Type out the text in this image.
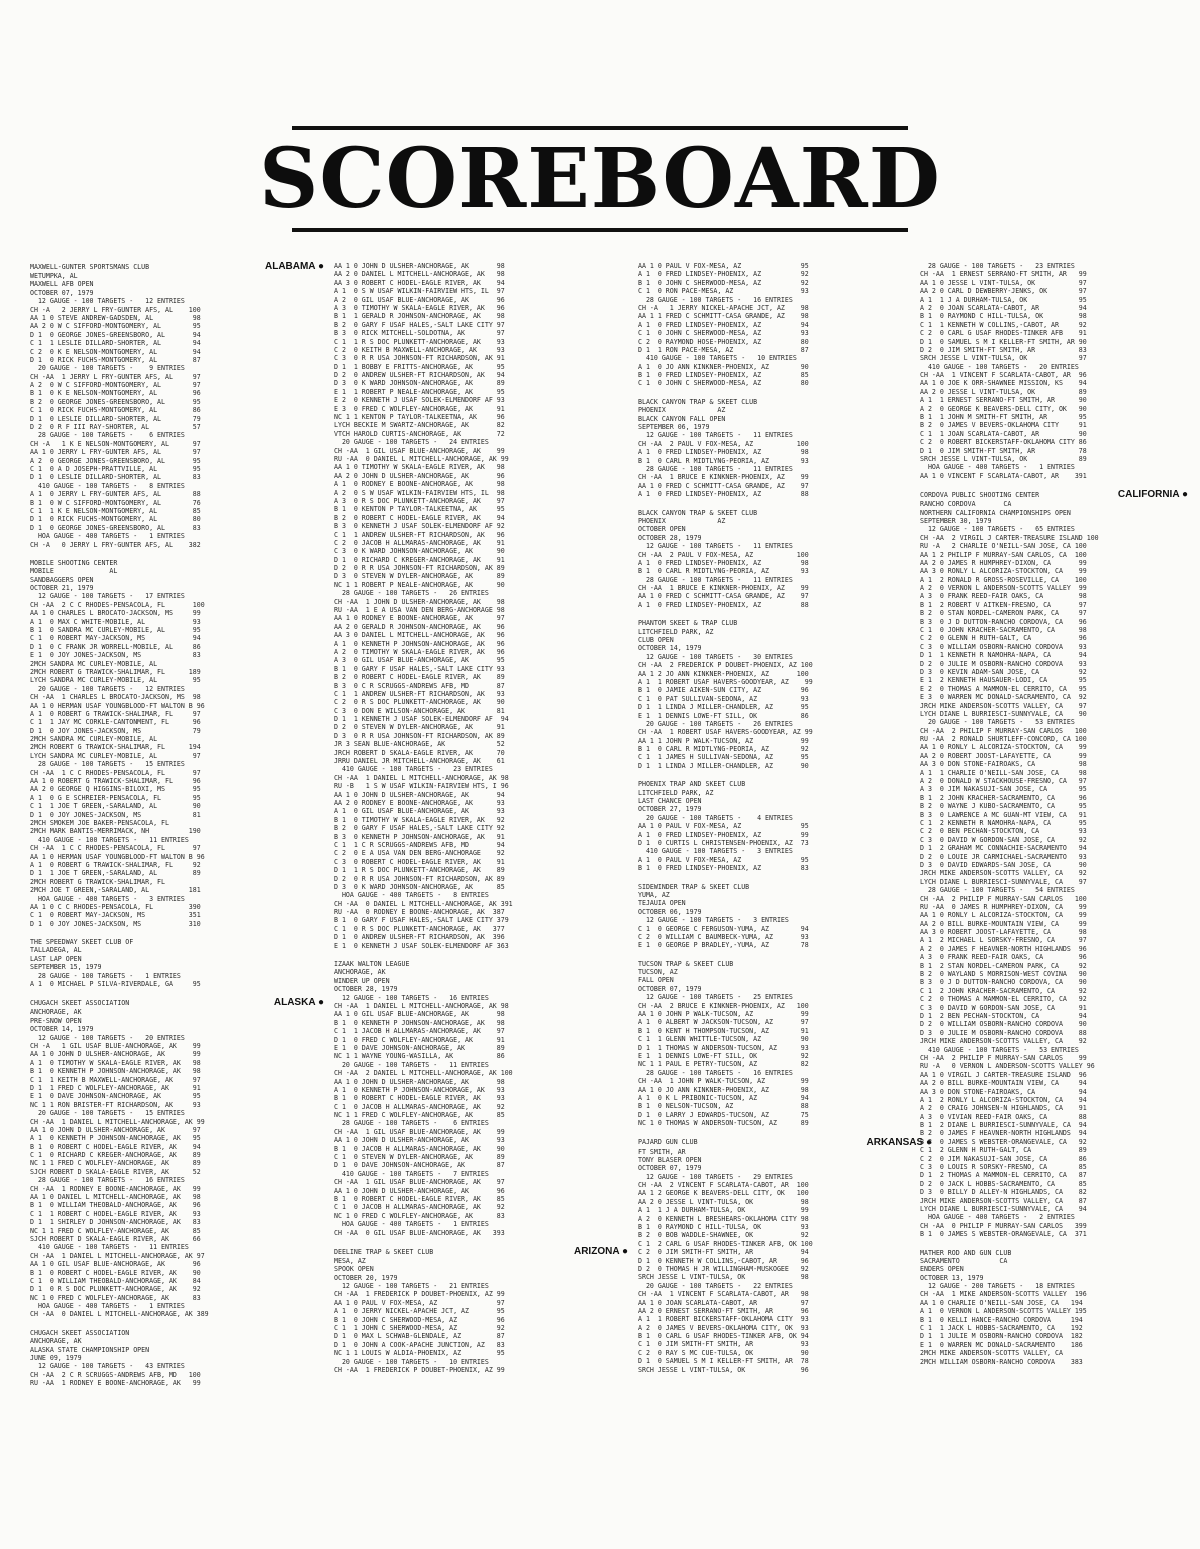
SCOREBOARD
MAXWELL-GUNTER SPORTSMANS CLUB	ALABAMA ●
WETUMPKA, AL
MAXWELL AFB OPEN
OCTOBER 07, 1979
12 GAUGE - 100 TARGETS -   12 ENTRIES
CH -A   2 JERRY L FRY-GUNTER AFS, AL    100
AA 1 0 STEVE ANDREW-GADSDEN, AL          98
AA 2 0 W C SIFFORD-MONTGOMERY, AL        95
D 1  0 GEORGE JONES-GREENSBORO, AL       94
C 1  1 LESLIE DILLARD-SHORTER, AL        94
C 2  0 K E NELSON-MONTGOMERY, AL         94
D 1  0 RICK FUCHS-MONTGOMERY, AL         87
20 GAUGE - 100 TARGETS -    9 ENTRIES
CH -AA  1 JERRY L FRY-GUNTER AFS, AL     97
A 2  0 W C SIFFORD-MONTGOMERY, AL        97
B 1  0 K E NELSON-MONTGOMERY, AL         96
B 2  0 GEORGE JONES-GREENSBORO, AL       95
C 1  0 RICK FUCHS-MONTGOMERY, AL         86
D 1  0 LESLIE DILLARD-SHORTER, AL        79
D 2  0 R F III RAY-SHORTER, AL           57
28 GAUGE - 100 TARGETS -    6 ENTRIES
CH -A   1 K E NELSON-MONTGOMERY, AL      97
AA 1 0 JERRY L FRY-GUNTER AFS, AL        97
A 2  0 GEORGE JONES-GREENSBORO, AL       95
C 1  0 A D JOSEPH-PRATTVILLE, AL         95
D 1  0 LESLIE DILLARD-SHORTER, AL        83
410 GAUGE - 100 TARGETS -   8 ENTRIES
A 1  0 JERRY L FRY-GUNTER AFS, AL        88
B 1  0 W C SIFFORD-MONTGOMERY, AL        76
C 1  1 K E NELSON-MONTGOMERY, AL         85
D 1  0 RICK FUCHS-MONTGOMERY, AL         80
D 1  0 GEORGE JONES-GREENSBORO, AL       83
HOA GAUGE - 400 TARGETS -   1 ENTRIES
CH -A   0 JERRY L FRY-GUNTER AFS, AL    382
MOBILE SHOOTING CENTER
MOBILE              AL
SANDBAGGERS OPEN
OCTOBER 21, 1979
12 GAUGE - 100 TARGETS -   17 ENTRIES
CH -AA  2 C C RHODES-PENSACOLA, FL       100
AA 1 0 CHARLES L BROCATO-JACKSON, MS     99
A 1  0 MAX C WHITE-MOBILE, AL            93
B 1  0 SANDRA MC CURLEY-MOBILE, AL       95
C 1  0 ROBERT MAY-JACKSON, MS            94
D 1  0 C FRANK JR WORRELL-MOBILE, AL     86
E 1  0 JOY JONES-JACKSON, MS             83
2MCH SANDRA MC CURLEY-MOBILE, AL
2MCH ROBERT G TRAWICK-SHALIMAR, FL      189
LYCH SANDRA MC CURLEY-MOBILE, AL         95
20 GAUGE - 100 TARGETS -   12 ENTRIES
CH -AA  1 CHARLES L BROCATO-JACKSON, MS  98
AA 1 0 HERMAN USAF YOUNGBLOOD-FT WALTON B 96
A 1  0 ROBERT G TRAWICK-SHALIMAR, FL     97
C 1  1 JAY MC CORKLE-CANTONMENT, FL      96
D 1  0 JOY JONES-JACKSON, MS             79
2MCH SANDRA MC CURLEY-MOBILE, AL
2MCH ROBERT G TRAWICK-SHALIMAR, FL      194
LYCH SANDRA MC CURLEY-MOBILE, AL         97
28 GAUGE - 100 TARGETS -   15 ENTRIES
CH -AA  1 C C RHODES-PENSACOLA, FL       97
AA 1 0 ROBERT G TRAWICK-SHALIMAR, FL     96
AA 2 0 GEORGE Q HIGGINS-BILOXI, MS       95
A 1  0 G E SCHREIER-PENSACOLA, FL        95
C 1  1 JOE T GREEN,-SARALAND, AL         90
D 1  0 JOY JONES-JACKSON, MS             81
2MCH SMOKEM JOE BAKER-PENSACOLA, FL
2MCH MARK BANTIS-MERRIMACK, NH          190
410 GAUGE - 100 TARGETS -   11 ENTRIES
CH -AA  1 C C RHODES-PENSACOLA, FL       97
AA 1 0 HERMAN USAF YOUNGBLOOD-FT WALTON B 96
A 1  0 ROBERT G TRAWICK-SHALIMAR, FL     92
D 1  1 JOE T GREEN,-SARALAND, AL         89
2MCH ROBERT G TRAWICK-SHALIMAR, FL
2MCH JOE T GREEN,-SARALAND, AL          181
HOA GAUGE - 400 TARGETS -   3 ENTRIES
AA 1 0 C C RHODES-PENSACOLA, FL         390
C 1  0 ROBERT MAY-JACKSON, MS           351
D 1  0 JOY JONES-JACKSON, MS            310
THE SPEEDWAY SKEET CLUB OF
TALLADEGA, AL
LAST LAP OPEN
SEPTEMBER 15, 1979
28 GAUGE - 100 TARGETS -   1 ENTRIES
A 1  0 MICHAEL P SILVA-RIVERDALE, GA     95
CHUGACH SKEET ASSOCIATION	ALASKA ●
ANCHORAGE, AK
PRE-SNOW OPEN
OCTOBER 14, 1979
12 GAUGE - 100 TARGETS -   20 ENTRIES
CH -A   1 GIL USAF BLUE-ANCHORAGE, AK    99
AA 1 0 JOHN D ULSHER-ANCHORAGE, AK       99
A 1  0 TIMOTHY W SKALA-EAGLE RIVER, AK   98
B 1  0 KENNETH P JOHNSON-ANCHORAGE, AK   98
C 1  1 KEITH B MAXWELL-ANCHORAGE, AK     97
D 1  1 FRED C WOLFLEY-ANCHORAGE, AK      91
E 1  0 DAVE JOHNSON-ANCHORAGE, AK        95
NC 1 1 RON BRISTER-FT RICHARDSON, AK     93
20 GAUGE - 100 TARGETS -   15 ENTRIES
CH -AA  1 DANIEL L MITCHELL-ANCHORAGE, AK 99
AA 1 0 JOHN D ULSHER-ANCHORAGE, AK       97
A 1  0 KENNETH P JOHNSON-ANCHORAGE, AK   95
B 1  0 ROBERT C HODEL-EAGLE RIVER, AK    94
C 1  0 RICHARD C KREGER-ANCHORAGE, AK    89
NC 1 1 FRED C WOLFLEY-ANCHORAGE, AK      89
SJCH ROBERT D SKALA-EAGLE RIVER, AK      52
28 GAUGE - 100 TARGETS -   16 ENTRIES
CH -AA  1 RODNEY E BOONE-ANCHORAGE, AK   99
AA 1 0 DANIEL L MITCHELL-ANCHORAGE, AK   98
B 1  0 WILLIAM THEOBALD-ANCHORAGE, AK    96
C 1  1 ROBERT C HODEL-EAGLE RIVER, AK    93
D 1  1 SHIRLEY D JOHNSON-ANCHORAGE, AK   83
NC 1 1 FRED C WOLFLEY-ANCHORAGE, AK      85
SJCH ROBERT D SKALA-EAGLE RIVER, AK      66
410 GAUGE - 100 TARGETS -   11 ENTRIES
CH -AA  1 DANIEL L MITCHELL-ANCHORAGE, AK 97
AA 1 0 GIL USAF BLUE-ANCHORAGE, AK       96
B 1  0 ROBERT C HODEL-EAGLE RIVER, AK    90
C 1  0 WILLIAM THEOBALD-ANCHORAGE, AK    84
D 1  0 R S DOC PLUNKETT-ANCHORAGE, AK    92
NC 1 0 FRED C WOLFLEY-ANCHORAGE, AK      83
HOA GAUGE - 400 TARGETS -   1 ENTRIES
CH -AA  0 DANIEL L MITCHELL-ANCHORAGE, AK 389
CHUGACH SKEET ASSOCIATION
ANCHORAGE, AK
ALASKA STATE CHAMPIONSHIP OPEN
JUNE 09, 1979
12 GAUGE - 100 TARGETS -   43 ENTRIES
CH -AA  2 C R SCRUGGS-ANDREWS AFB, MD   100
RU -AA  1 RODNEY E BOONE-ANCHORAGE, AK   99
AA 1 0 JOHN D ULSHER-ANCHORAGE, AK       98
AA 2 0 DANIEL L MITCHELL-ANCHORAGE, AK   98
AA 3 0 ROBERT C HODEL-EAGLE RIVER, AK    94
A 1  0 S W USAF WILKIN-FAIRVIEW HTS, IL  97
A 2  0 GIL USAF BLUE-ANCHORAGE, AK       96
A 3  0 TIMOTHY W SKALA-EAGLE RIVER, AK   96
B 1  1 GERALD R JOHNSON-ANCHORAGE, AK    98
B 2  0 GARY F USAF HALES,-SALT LAKE CITY 97
B 3  0 RICK MITCHELL-SOLDOTNA, AK        97
C 1  1 R S DOC PLUNKETT-ANCHORAGE, AK    93
C 2  0 KEITH B MAXWELL-ANCHORAGE, AK     93
C 3  0 R R USA JOHNSON-FT RICHARDSON, AK 91
D 1  1 BOBBY E FRITTS-ANCHORAGE, AK      95
D 2  0 ANDREW ULSHER-FT RICHARDSON, AK   94
D 3  0 K WARD JOHNSON-ANCHORAGE, AK      89
E 1  1 ROBERT P NEALE-ANCHORAGE, AK      95
E 2  0 KENNETH J USAF SOLEK-ELMENDORF AF 93
E 3  0 FRED C WOLFLEY-ANCHORAGE, AK      91
NC 1 1 KENTON P TAYLOR-TALKEETNA, AK     96
LYCH BECKIE M SWARTZ-ANCHORAGE, AK       82
VTCH HAROLD CURTIS-ANCHORAGE, AK         72
20 GAUGE - 100 TARGETS -   24 ENTRIES
CH -AA  1 GIL USAF BLUE-ANCHORAGE, AK    99
RU -AA  0 DANIEL L MITCHELL-ANCHORAGE, AK 99
AA 1 0 TIMOTHY W SKALA-EAGLE RIVER, AK   98
AA 2 0 JOHN D ULSHER-ANCHORAGE, AK       96
A 1  0 RODNEY E BOONE-ANCHORAGE, AK      98
A 2  0 S W USAF WILKIN-FAIRVIEW HTS, IL  98
A 3  0 R S DOC PLUNKETT-ANCHORAGE, AK    97
B 1  0 KENTON P TAYLOR-TALKEETNA, AK     95
B 2  0 ROBERT C HODEL-EAGLE RIVER, AK    94
B 3  0 KENNETH J USAF SOLEK-ELMENDORF AF 92
C 1  1 ANDREW ULSHER-FT RICHARDSON, AK   96
C 2  0 JACOB H ALLMARAS-ANCHORAGE, AK    91
C 3  0 K WARD JOHNSON-ANCHORAGE, AK      90
D 1  0 RICHARD C KREGER-ANCHORAGE, AK    91
D 2  0 R R USA JOHNSON-FT RICHARDSON, AK 89
D 3  0 STEVEN W DYLER-ANCHORAGE, AK      89
NC 1 1 ROBERT P NEALE-ANCHORAGE, AK      90
28 GAUGE - 100 TARGETS -   26 ENTRIES
CH -AA  1 JOHN D ULSHER-ANCHORAGE, AK    98
RU -AA  1 E A USA VAN DEN BERG-ANCHORAGE 98
AA 1 0 RODNEY E BOONE-ANCHORAGE, AK      97
AA 2 0 GERALD R JOHNSON-ANCHORAGE, AK    96
AA 3 0 DANIEL L MITCHELL-ANCHORAGE, AK   96
A 1  0 KENNETH P JOHNSON-ANCHORAGE, AK   96
A 2  0 TIMOTHY W SKALA-EAGLE RIVER, AK   96
A 3  0 GIL USAF BLUE-ANCHORAGE, AK       95
B 1  0 GARY F USAF HALES,-SALT LAKE CITY 93
B 2  0 ROBERT C HODEL-EAGLE RIVER, AK    89
B 3  0 C R SCRUGGS-ANDREWS AFB, MD       87
C 1  1 ANDREW ULSHER-FT RICHARDSON, AK   93
C 2  0 R S DOC PLUNKETT-ANCHORAGE, AK    90
C 3  0 DON E WILSON-ANCHORAGE, AK        81
D 1  1 KENNETH J USAF SOLEK-ELMENDORF AF  94
D 2  0 STEVEN W DYLER-ANCHORAGE, AK      91
D 3  0 R R USA JOHNSON-FT RICHARDSON, AK 89
JR 3 SEAN BLUE-ANCHORAGE, AK             52
JRCH ROBERT D SKALA-EAGLE RIVER, AK      70
JRRU DANIEL JR MITCHELL-ANCHORAGE, AK    61
410 GAUGE - 100 TARGETS -   23 ENTRIES
CH -AA  1 DANIEL L MITCHELL-ANCHORAGE, AK 98
RU -B   1 S W USAF WILKIN-FAIRVIEW HTS, I 96
AA 1 0 JOHN D ULSHER-ANCHORAGE, AK       94
AA 2 0 RODNEY E BOONE-ANCHORAGE, AK      93
A 1  0 GIL USAF BLUE-ANCHORAGE, AK       93
B 1  0 TIMOTHY W SKALA-EAGLE RIVER, AK   92
B 2  0 GARY F USAF HALES,-SALT LAKE CITY 92
B 3  0 KENNETH P JOHNSON-ANCHORAGE, AK   91
C 1  1 C R SCRUGGS-ANDREWS AFB, MD       94
C 2  0 E A USA VAN DEN BERG-ANCHORAGE    92
C 3  0 ROBERT C HODEL-EAGLE RIVER, AK    91
D 1  1 R S DOC PLUNKETT-ANCHORAGE, AK    89
D 2  0 R R USA JOHNSON-FT RICHARDSON, AK 89
D 3  0 K WARD JOHNSON-ANCHORAGE, AK      85
HOA GAUGE - 400 TARGETS -   8 ENTRIES
CH -AA  0 DANIEL L MITCHELL-ANCHORAGE, AK 391
RU -AA  0 RODNEY E BOONE-ANCHORAGE, AK  387
B 1  0 GARY F USAF HALES,-SALT LAKE CITY 379
C 1  0 R S DOC PLUNKETT-ANCHORAGE, AK   377
D 1  0 ANDREW ULSHER-FT RICHARDSON, AK  396
E 1  0 KENNETH J USAF SOLEK-ELMENDORF AF 363
IZAAK WALTON LEAGUE
ANCHORAGE, AK
WINDER UP OPEN
OCTOBER 28, 1979
12 GAUGE - 100 TARGETS -   16 ENTRIES
CH -AA  1 DANIEL L MITCHELL-ANCHORAGE, AK 98
AA 1 0 GIL USAF BLUE-ANCHORAGE, AK       98
B 1  0 KENNETH P JOHNSON-ANCHORAGE, AK   98
C 1  1 JACOB H ALLMARAS-ANCHORAGE, AK    97
D 1  0 FRED C WOLFLEY-ANCHORAGE, AK      91
E 1  0 DAVE JOHNSON-ANCHORAGE, AK        89
NC 1 1 WAYNE YOUNG-WASILLA, AK           86
20 GAUGE - 100 TARGETS -   11 ENTRIES
CH -AA  2 DANIEL L MITCHELL-ANCHORAGE, AK 100
AA 1 0 JOHN D ULSHER-ANCHORAGE, AK       98
A 1  0 KENNETH P JOHNSON-ANCHORAGE, AK   93
B 1  0 ROBERT C HODEL-EAGLE RIVER, AK    93
C 1  0 JACOB H ALLMARAS-ANCHORAGE, AK    92
NC 1 1 FRED C WOLFLEY-ANCHORAGE, AK      85
28 GAUGE - 100 TARGETS -    6 ENTRIES
CH -AA  1 GIL USAF BLUE-ANCHORAGE, AK    99
AA 1 0 JOHN D ULSHER-ANCHORAGE, AK       93
B 1  0 JACOB H ALLMARAS-ANCHORAGE, AK    90
C 1  0 STEVEN W DYLER-ANCHORAGE, AK      89
D 1  0 DAVE JOHNSON-ANCHORAGE, AK        87
410 GAUGE - 100 TARGETS -   7 ENTRIES
CH -AA  1 GIL USAF BLUE-ANCHORAGE, AK    97
AA 1 0 JOHN D ULSHER-ANCHORAGE, AK       96
B 1  0 ROBERT C HODEL-EAGLE RIVER, AK    85
C 1  0 JACOB H ALLMARAS-ANCHORAGE, AK    92
NC 1 0 FRED C WOLFLEY-ANCHORAGE, AK      83
HOA GAUGE - 400 TARGETS -   1 ENTRIES
CH -AA  0 GIL USAF BLUE-ANCHORAGE, AK   393
DEELINE TRAP & SKEET CLUB	ARIZONA ●
MESA, AZ
SPOOK OPEN
OCTOBER 20, 1979
12 GAUGE - 100 TARGETS -   21 ENTRIES
CH -AA  1 FREDERICK P DOUBET-PHOENIX, AZ 99
AA 1 0 PAUL V FOX-MESA, AZ               97
A 1  0 JERRY NICKEL-APACHE JCT, AZ       95
B 1  0 JOHN C SHERWOOD-MESA, AZ          96
C 1  1 JOHN C SHERWOOD-MESA, AZ          92
D 1  0 MAX L SCHWAB-GLENDALE, AZ         87
D 1  0 JOHN A COOK-APACHE JUNCTION, AZ   83
NC 1 1 LOUIS W ALDIA-PHOENIX, AZ         95
20 GAUGE - 100 TARGETS -   10 ENTRIES
CH -AA  1 FREDERICK P DOUBET-PHOENIX, AZ 99
AA 1 0 PAUL V FOX-MESA, AZ               95
A 1  0 FRED LINDSEY-PHOENIX, AZ          92
B 1  0 JOHN C SHERWOOD-MESA, AZ          92
C 1  0 RON PACE-MESA, AZ                 93
28 GAUGE - 100 TARGETS -   16 ENTRIES
CH -A   1 JERRY NICKEL-APACHE JCT, AZ    98
AA 1 1 FRED C SCHMITT-CASA GRANDE, AZ    98
A 1  0 FRED LINDSEY-PHOENIX, AZ          94
C 1  0 JOHN C SHERWOOD-MESA, AZ          93
C 2  0 RAYMOND HOSE-PHOENIX, AZ          80
D 1  1 RON PACE-MESA, AZ                 87
410 GAUGE - 100 TARGETS -   10 ENTRIES
A 1  0 JO ANN KINKNER-PHOENIX, AZ        90
B 1  0 FRED LINDSEY-PHOENIX, AZ          85
C 1  0 JOHN C SHERWOOD-MESA, AZ          80
BLACK CANYON TRAP & SKEET CLUB
PHOENIX             AZ
BLACK CANYON FALL OPEN
SEPTEMBER 06, 1979
12 GAUGE - 100 TARGETS -   11 ENTRIES
CH -AA  2 PAUL V FOX-MESA, AZ           100
A 1  0 FRED LINDSEY-PHOENIX, AZ          98
B 1  0 CARL R MIDTLYNG-PEORIA, AZ        93
28 GAUGE - 100 TARGETS -   11 ENTRIES
CH -AA  1 BRUCE E KINKNER-PHOENIX, AZ    99
AA 1 0 FRED C SCHMITT-CASA GRANDE, AZ    97
A 1  0 FRED LINDSEY-PHOENIX, AZ          88
BLACK CANYON TRAP & SKEET CLUB
PHOENIX             AZ
OCTOBER OPEN
OCTOBER 28, 1979
12 GAUGE - 100 TARGETS -   11 ENTRIES
CH -AA  2 PAUL V FOX-MESA, AZ           100
A 1  0 FRED LINDSEY-PHOENIX, AZ          98
B 1  0 CARL R MIDTLYNG-PEORIA, AZ        93
28 GAUGE - 100 TARGETS -   11 ENTRIES
CH -AA  1 BRUCE E KINKNER-PHOENIX, AZ    99
AA 1 0 FRED C SCHMITT-CASA GRANDE, AZ    97
A 1  0 FRED LINDSEY-PHOENIX, AZ          88
PHANTOM SKEET & TRAP CLUB
LITCHFIELD PARK, AZ
CLUB OPEN
OCTOBER 14, 1979
12 GAUGE - 100 TARGETS -   30 ENTRIES
CH -AA  2 FREDERICK P DOUBET-PHOENIX, AZ 100
AA 1 2 JO ANN KINKNER-PHOENIX, AZ       100
A 1  1 ROBERT USAF HAVERS-GOODYEAR, AZ    99
B 1  0 JAMIE AIKEN-SUN CITY, AZ          96
C 1  0 PAT SULLIVAN-SEDONA, AZ           93
D 1  1 LINDA J MILLER-CHANDLER, AZ       95
E 1  1 DENNIS LOWE-FT SILL, OK           86
20 GAUGE - 100 TARGETS -   26 ENTRIES
CH -AA  1 ROBERT USAF HAVERS-GOODYEAR, AZ 99
AA 1 1 JOHN P WALK-TUCSON, AZ            99
B 1  0 CARL R MIDTLYNG-PEORIA, AZ        92
C 1  1 JAMES H SULLIVAN-SEDONA, AZ       95
D 1  1 LINDA J MILLER-CHANDLER, AZ       90
PHOENIX TRAP AND SKEET CLUB
LITCHFIELD PARK, AZ
LAST CHANCE OPEN
OCTOBER 27, 1979
20 GAUGE - 100 TARGETS -    4 ENTRIES
AA 1 0 PAUL V FOX-MESA, AZ               95
A 1  0 FRED LINDSEY-PHOENIX, AZ          99
D 1  0 CURTIS L CHRISTENSEN-PHOENIX, AZ  73
410 GAUGE - 100 TARGETS -   3 ENTRIES
A 1  0 PAUL V FOX-MESA, AZ               95
B 1  0 FRED LINDSEY-PHOENIX, AZ          83
SIDEWINDER TRAP & SKEET CLUB
YUMA, AZ
TEJAUIA OPEN
OCTOBER 06, 1979
12 GAUGE - 100 TARGETS -   3 ENTRIES
C 1  0 GEORGE C FERGUSON-YUMA, AZ        94
C 2  0 WILLIAM C BAUMBECK-YUMA, AZ       93
E 1  0 GEORGE P BRADLEY,-YUMA, AZ        78
TUCSON TRAP & SKEET CLUB
TUCSON, AZ
FALL OPEN
OCTOBER 07, 1979
12 GAUGE - 100 TARGETS -   25 ENTRIES
CH -AA  2 BRUCE E KINKNER-PHOENIX, AZ   100
AA 1 0 JOHN P WALK-TUCSON, AZ            99
A 1  0 ALBERT W JACKSON-TUCSON, AZ       97
B 1  0 KENT H THOMPSON-TUCSON, AZ        91
C 1  1 GLENN WHITTLE-TUCSON, AZ          90
D 1  1 THOMAS W ANDERSON-TUCSON, AZ      93
E 1  1 DENNIS LOWE-FT SILL, OK           92
NC 1 1 PAUL E PETRY-TUCSON, AZ           82
28 GAUGE - 100 TARGETS -   16 ENTRIES
CH -AA  1 JOHN P WALK-TUCSON, AZ         99
AA 1 0 JO ANN KINKNER-PHOENIX, AZ        98
A 1  0 K L PRIBONIC-TUCSON, AZ           94
B 1  0 NELSON-TUCSON, AZ                 88
D 1  0 LARRY J EDWARDS-TUCSON, AZ        75
NC 1 0 THOMAS W ANDERSON-TUCSON, AZ      89
PAJARD GUN CLUB	ARKANSAS ●
FT SMITH, AR
TONY BLASER OPEN
OCTOBER 07, 1979
12 GAUGE - 100 TARGETS -   29 ENTRIES
CH -AA  2 VINCENT F SCARLATA-CABOT, AR  100
AA 1 2 GEORGE K BEAVERS-DELL CITY, OK   100
AA 2 0 JESSE L VINT-TULSA, OK            98
A 1  1 J A DURHAM-TULSA, OK              99
A 2  0 KENNETH L BRESHEARS-OKLAHOMA CITY 98
B 1  0 RAYMOND C HILL-TULSA, OK          93
B 2  0 BOB WADDLE-SHAWNEE, OK            92
C 1  2 CARL G USAF RHODES-TINKER AFB, OK 100
C 2  0 JIM SMITH-FT SMITH, AR            94
D 1  0 KENNETH W COLLINS,-CABOT, AR      96
D 2  0 THOMAS H JR WILLINGHAM-MUSKOGEE   92
SRCH JESSE L VINT-TULSA, OK              98
20 GAUGE - 100 TARGETS -   22 ENTRIES
CH -AA  1 VINCENT F SCARLATA-CABOT, AR   98
AA 1 0 JOAN SCARLATA-CABOT, AR           97
AA 2 0 ERNEST SERRANO-FT SMITH, AR       96
A 1  1 ROBERT BICKERSTAFF-OKLAHOMA CITY  93
A 2  0 JAMES V BEVERS-OKLAHOMA CITY, OK  93
B 1  0 CARL G USAF RHODES-TINKER AFB, OK 94
C 1  0 JIM SMITH-FT SMITH, AR            93
C 2  0 RAY S MC CUE-TULSA, OK            90
D 1  0 SAMUEL S M I KELLER-FT SMITH, AR  78
SRCH JESSE L VINT-TULSA, OK              96
28 GAUGE - 100 TARGETS -   23 ENTRIES
CH -AA  1 ERNEST SERRANO-FT SMITH, AR   99
AA 1 0 JESSE L VINT-TULSA, OK           97
AA 2 0 CARL D DEWBERRY-JENKS, OK        97
A 1  1 J A DURHAM-TULSA, OK             95
A 2  0 JOAN SCARLATA-CABOT, AR          94
B 1  0 RAYMOND C HILL-TULSA, OK         98
C 1  1 KENNETH W COLLINS,-CABOT, AR     92
C 2  0 CARL G USAF RHODES-TINKER AFB    91
D 1  0 SAMUEL S M I KELLER-FT SMITH, AR 90
D 2  0 JIM SMITH-FT SMITH, AR           83
SRCH JESSE L VINT-TULSA, OK             97
410 GAUGE - 100 TARGETS -   20 ENTRIES
CH -AA  1 VINCENT F SCARLATA-CABOT, AR  96
AA 1 0 JOE K ORR-SHAWNEE MISSION, KS    94
AA 2 0 JESSE L VINT-TULSA, OK           89
A 1  1 ERNEST SERRANO-FT SMITH, AR      90
A 2  0 GEORGE K BEAVERS-DELL CITY, OK   90
B 1  1 JOHN M SMITH-FT SMITH, AR        95
B 2  0 JAMES V BEVERS-OKLAHOMA CITY     91
C 1  1 JOAN SCARLATA-CABOT, AR          90
C 2  0 ROBERT BICKERSTAFF-OKLAHOMA CITY 86
D 1  0 JIM SMITH-FT SMITH, AR           78
SRCH JESSE L VINT-TULSA, OK             89
HOA GAUGE - 400 TARGETS -   1 ENTRIES
AA 1 0 VINCENT F SCARLATA-CABOT, AR    391
CORDOVA PUBLIC SHOOTING CENTER	CALIFORNIA ●
RANCHO CORDOVA       CA
NORTHERN CALIFORNIA CHAMPIONSHIPS OPEN
SEPTEMBER 30, 1979
12 GAUGE - 100 TARGETS -   65 ENTRIES
CH -AA  2 VIRGIL J CARTER-TREASURE ISLAND 100
RU -A   2 CHARLIE O'NEILL-SAN JOSE, CA 100
AA 1 2 PHILIP F MURRAY-SAN CARLOS, CA  100
AA 2 0 JAMES R HUMPHREY-DIXON, CA       99
AA 3 0 RONLY L ALCORIZA-STOCKTON, CA    99
A 1  2 RONALD R GROSS-ROSEVILLE, CA    100
A 2  0 VERNON L ANDERSON-SCOTTS VALLEY  99
A 3  0 FRANK REED-FAIR OAKS, CA         98
B 1  2 ROBERT V AITKEN-FRESNO, CA       97
B 2  0 STAN NORDEL-CAMERON PARK, CA     97
B 3  0 J D DUTTON-RANCHO CORDOVA, CA    96
C 1  0 JOHN KRACHER-SACRAMENTO, CA      98
C 2  0 GLENN H RUTH-GALT, CA            96
C 3  0 WILLIAM OSBORN-RANCHO CORDOVA    93
D 1  1 KENNETH R NAMOHRA-NAPA, CA       94
D 2  0 JULIE M OSBORN-RANCHO CORDOVA    93
D 3  0 KEVIN ADAM-SAN JOSE, CA          92
E 1  2 KENNETH HAUSAUER-LODI, CA        95
E 2  0 THOMAS A MAMMON-EL CERRITO, CA   95
E 3  0 WARREN MC DONALD-SACRAMENTO, CA  92
JRCH MIKE ANDERSON-SCOTTS VALLEY, CA    97
LYCH DIANE L BURRIESCI-SUNNYVALE, CA    90
20 GAUGE - 100 TARGETS -   53 ENTRIES
CH -AA  2 PHILIP F MURRAY-SAN CARLOS   100
RU -AA  2 RONALD SHURTLEFF-CONCORD, CA 100
AA 1 0 RONLY L ALCORIZA-STOCKTON, CA    99
AA 2 0 ROBERT JOOST-LAFAYETTE, CA       99
AA 3 0 DON STONE-FAIROAKS, CA           98
A 1  1 CHARLIE O'NEILL-SAN JOSE, CA     98
A 2  0 DONALD W STACKHOUSE-FRESNO, CA   97
A 3  0 JIM NAKASUJI-SAN JOSE, CA        95
B 1  2 JOHN KRACHER-SACRAMENTO, CA      96
B 2  0 WAYNE J KUBO-SACRAMENTO, CA      95
B 3  0 LAWRENCE A MC GUAN-MT VIEW, CA   91
C 1  2 KENNETH R NAMOHRA-NAPA, CA       95
C 2  0 BEN PECHAN-STOCKTON, CA          93
C 3  0 DAVID W GORDON-SAN JOSE, CA      92
D 1  2 GRAHAM MC CONNACHIE-SACRAMENTO   94
D 2  0 LOUIE JR CARMICHAEL-SACRAMENTO   93
D 3  0 DAVID EDWARDS-SAN JOSE, CA       90
JRCH MIKE ANDERSON-SCOTTS VALLEY, CA    92
LYCH DIANE L BURRIESCI-SUNNYVALE, CA    97
28 GAUGE - 100 TARGETS -   54 ENTRIES
CH -AA  2 PHILIP F MURRAY-SAN CARLOS   100
RU -AA  0 JAMES R HUMPHREY-DIXON, CA    99
AA 1 0 RONLY L ALCORIZA-STOCKTON, CA    99
AA 2 0 BILL BURKE-MOUNTAIN VIEW, CA     99
AA 3 0 ROBERT JOOST-LAFAYETTE, CA       98
A 1  2 MICHAEL L SORSKY-FRESNO, CA      97
A 2  0 JAMES F HEAVNER-NORTH HIGHLANDS  96
A 3  0 FRANK REED-FAIR OAKS, CA         96
B 1  2 STAN NORDEL-CAMERON PARK, CA     92
B 2  0 WAYLAND S MORRISON-WEST COVINA   90
B 3  0 J D DUTTON-RANCHO CORDOVA, CA    90
C 1  2 JOHN KRACHER-SACRAMENTO, CA      92
C 2  0 THOMAS A MAMMON-EL CERRITO, CA   92
C 3  0 DAVID W GORDON-SAN JOSE, CA      91
D 1  2 BEN PECHAN-STOCKTON, CA          94
D 2  0 WILLIAM OSBORN-RANCHO CORDOVA    90
D 3  0 JULIE M OSBORN-RANCHO CORDOVA    88
JRCH MIKE ANDERSON-SCOTTS VALLEY, CA    92
410 GAUGE - 100 TARGETS -   53 ENTRIES
CH -AA  2 PHILIP F MURRAY-SAN CARLOS    99
RU -A   0 VERNON L ANDERSON-SCOTTS VALLEY 96
AA 1 0 VIRGIL J CARTER-TREASURE ISLAND  96
AA 2 0 BILL BURKE-MOUNTAIN VIEW, CA     94
AA 3 0 DON STONE-FAIROAKS, CA           94
A 1  2 RONLY L ALCORIZA-STOCKTON, CA    94
A 2  0 CRAIG JOHNSEN-N HIGHLANDS, CA    91
A 3  0 VIVIAN REED-FAIR OAKS, CA        88
B 1  2 DIANE L BURRIESCI-SUNNYVALE, CA  94
B 2  0 JAMES F HEAVNER-NORTH HIGHLANDS  94
B 3  0 JAMES S WEBSTER-ORANGEVALE, CA   92
C 1  2 GLENN H RUTH-GALT, CA            89
C 2  0 JIM NAKASUJI-SAN JOSE, CA        86
C 3  0 LOUIS R SORSKY-FRESNO, CA        85
D 1  2 THOMAS A MAMMON-EL CERRITO, CA   87
D 2  0 JACK L HOBBS-SACRAMENTO, CA      85
D 3  0 BILLY D ALLEY-N HIGHLANDS, CA    82
JRCH MIKE ANDERSON-SCOTTS VALLEY, CA    87
LYCH DIANE L BURRIESCI-SUNNYVALE, CA    94
HOA GAUGE - 400 TARGETS -   2 ENTRIES
CH -AA  0 PHILIP F MURRAY-SAN CARLOS   399
B 1  0 JAMES S WEBSTER-ORANGEVALE, CA  371
MATHER ROD AND GUN CLUB
SACRAMENTO          CA
ENDERS OPEN
OCTOBER 13, 1979
12 GAUGE - 200 TARGETS -   18 ENTRIES
CH -AA  1 MIKE ANDERSON-SCOTTS VALLEY  196
AA 1 0 CHARLIE O'NEILL-SAN JOSE, CA   194
A 1  0 VERNON L ANDERSON-SCOTTS VALLEY 195
B 1  0 KELLI HANCE-RANCHO CORDOVA     194
C 1  1 JACK L HOBBS-SACRAMENTO, CA    192
D 1  1 JULIE M OSBORN-RANCHO CORDOVA  182
E 1  0 WARREN MC DONALD-SACRAMENTO    186
2MCH MIKE ANDERSON-SCOTTS VALLEY, CA
2MCH WILLIAM OSBORN-RANCHO CORDOVA    383
